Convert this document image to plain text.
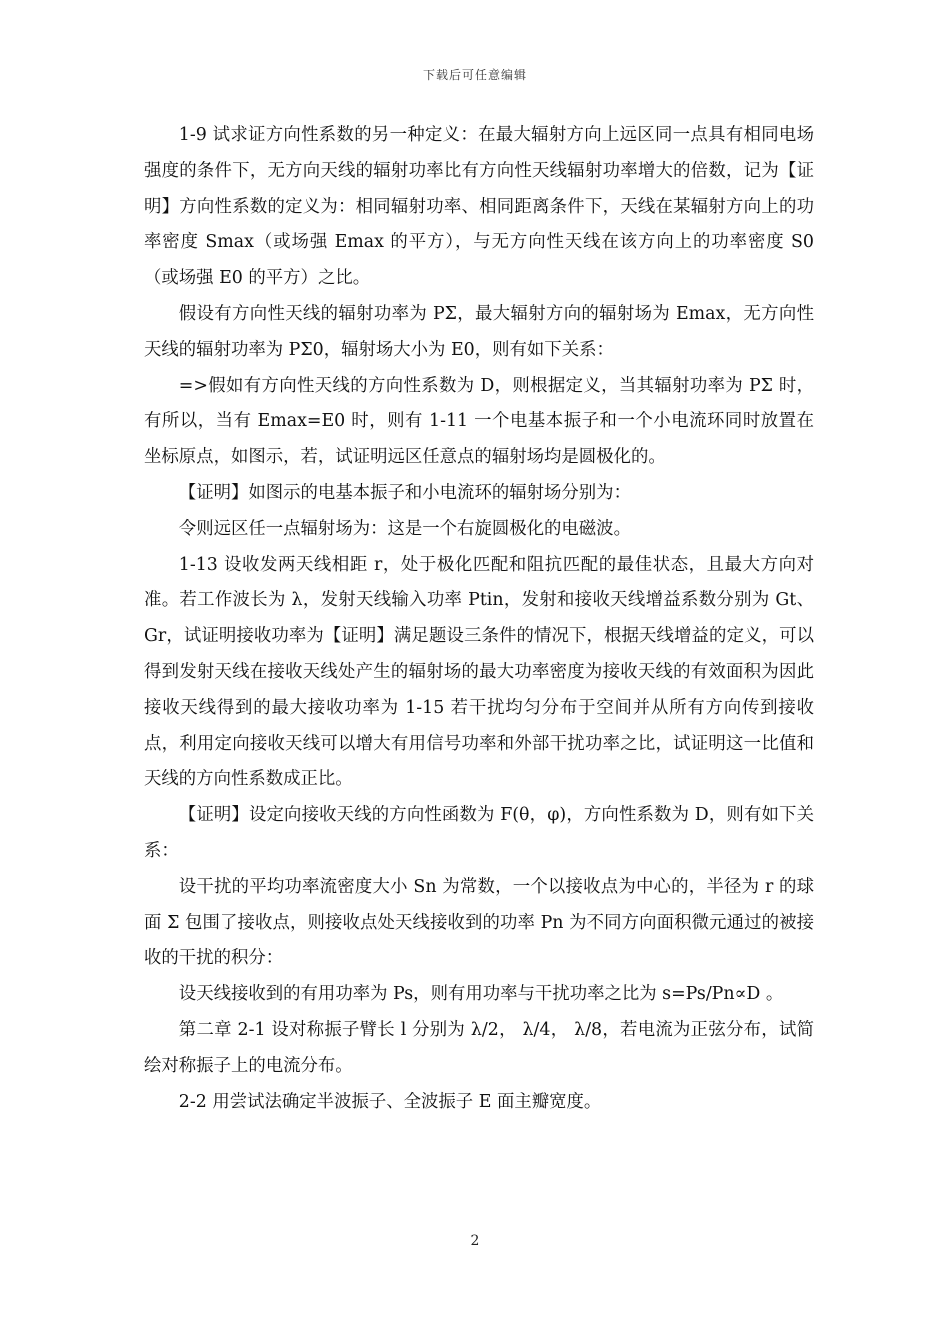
下载后可任意编辑

1-9 试求证方向性系数的另一种定义：在最大辐射方向上远区同一点具有相同电场强度的条件下，无方向天线的辐射功率比有方向性天线辐射功率增大的倍数，记为【证明】方向性系数的定义为：相同辐射功率、相同距离条件下，天线在某辐射方向上的功率密度 Smax（或场强 Emax 的平方），与无方向性天线在该方向上的功率密度 S0（或场强 E0 的平方）之比。

假设有方向性天线的辐射功率为 PΣ，最大辐射方向的辐射场为 Emax，无方向性天线的辐射功率为 PΣ0，辐射场大小为 E0，则有如下关系：

=>假如有方向性天线的方向性系数为 D，则根据定义，当其辐射功率为 PΣ 时，有所以，当有 Emax=E0 时，则有 1-11 一个电基本振子和一个小电流环同时放置在坐标原点，如图示，若，试证明远区任意点的辐射场均是圆极化的。

【证明】如图示的电基本振子和小电流环的辐射场分别为：

令则远区任一点辐射场为：这是一个右旋圆极化的电磁波。

1-13 设收发两天线相距 r，处于极化匹配和阻抗匹配的最佳状态，且最大方向对准。若工作波长为 λ，发射天线输入功率 Ptin，发射和接收天线增益系数分别为 Gt、Gr，试证明接收功率为【证明】满足题设三条件的情况下，根据天线增益的定义，可以得到发射天线在接收天线处产生的辐射场的最大功率密度为接收天线的有效面积为因此接收天线得到的最大接收功率为 1-15 若干扰均匀分布于空间并从所有方向传到接收点，利用定向接收天线可以增大有用信号功率和外部干扰功率之比，试证明这一比值和天线的方向性系数成正比。

【证明】设定向接收天线的方向性函数为 F(θ，φ)，方向性系数为 D，则有如下关系：

设干扰的平均功率流密度大小 Sn 为常数，一个以接收点为中心的，半径为 r 的球面 Σ 包围了接收点，则接收点处天线接收到的功率 Pn 为不同方向面积微元通过的被接收的干扰的积分：

设天线接收到的有用功率为 Ps，则有用功率与干扰功率之比为 s=Ps/Pn∝D 。

第二章 2-1 设对称振子臂长 l 分别为 λ/2， λ/4， λ/8，若电流为正弦分布，试简绘对称振子上的电流分布。

2-2 用尝试法确定半波振子、全波振子 E 面主瓣宽度。

2
